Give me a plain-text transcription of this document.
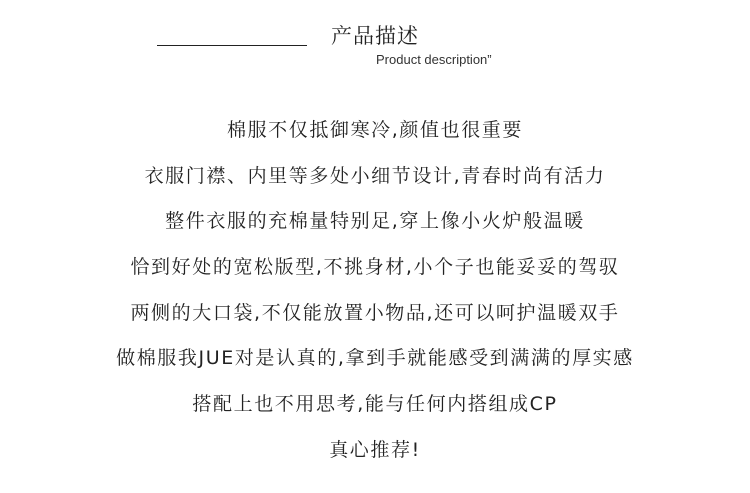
产品描述
Product description”
棉服不仅抵御寒冷,颜值也很重要
衣服门襟、内里等多处小细节设计,青春时尚有活力
整件衣服的充棉量特别足,穿上像小火炉般温暖
恰到好处的宽松版型,不挑身材,小个子也能妥妥的驾驭
两侧的大口袋,不仅能放置小物品,还可以呵护温暖双手
做棉服我JUE对是认真的,拿到手就能感受到满满的厚实感
搭配上也不用思考,能与任何内搭组成CP
真心推荐!
